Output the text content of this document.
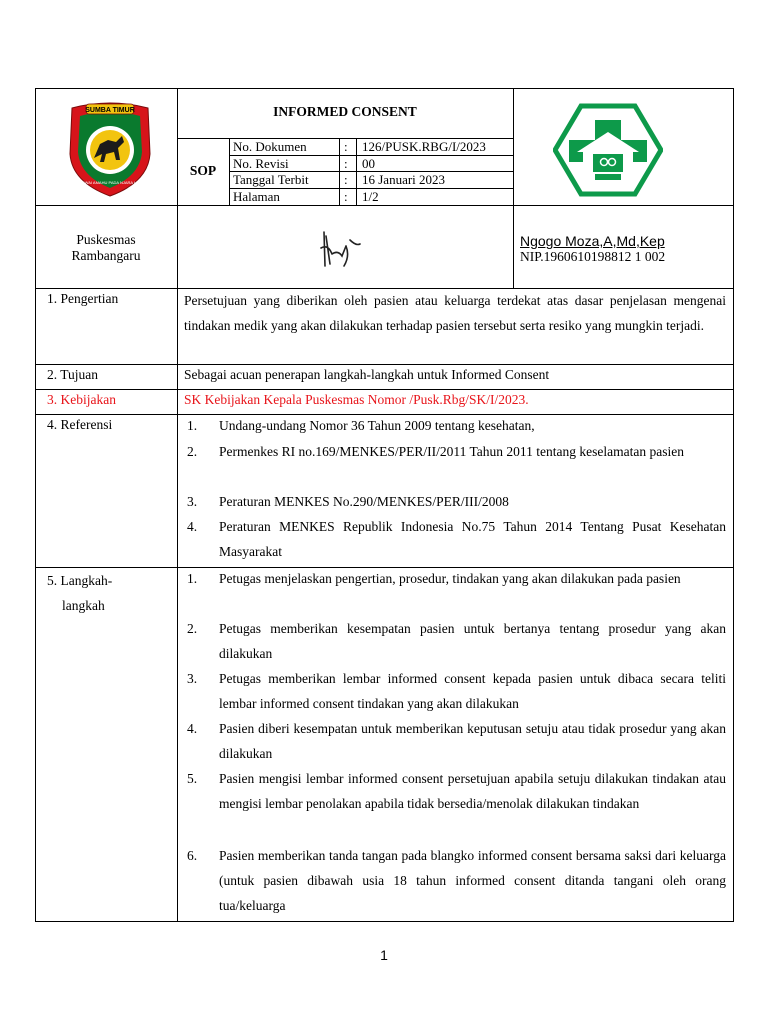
SUMBA TIMUR
MATAWAI AMAHU PADA NJARA HAMU
INFORMED CONSENT
SOP
No. Dokumen	: 126/PUSK.RBG/I/2023
No. Revisi	: 00
Tanggal Terbit	: 16 Januari 2023
Halaman	: 1/2
Puskesmas
Rambangaru
Ngogo Moza,A,Md,Kep
NIP.1960610198812 1 002
1. Pengertian	Persetujuan yang diberikan oleh pasien atau keluarga terdekat atas dasar penjelasan mengenai tindakan medik yang akan dilakukan terhadap pasien tersebut serta resiko yang mungkin terjadi.
2. Tujuan	Sebagai acuan penerapan langkah-langkah untuk Informed Consent
3. Kebijakan	SK Kebijakan Kepala Puskesmas Nomor /Pusk.Rbg/SK/I/2023.
4. Referensi	1.	Undang-undang Nomor 36 Tahun 2009 tentang kesehatan,
2.	Permenkes RI no.169/MENKES/PER/II/2011 Tahun 2011 tentang keselamatan pasien
3.	Peraturan MENKES No.290/MENKES/PER/III/2008
4.	Peraturan MENKES Republik Indonesia No.75 Tahun 2014 Tentang Pusat Kesehatan Masyarakat
5. Langkah-
langkah
1.	Petugas menjelaskan pengertian, prosedur, tindakan yang akan dilakukan pada pasien
2.	Petugas memberikan kesempatan pasien untuk bertanya tentang prosedur yang akan dilakukan
3.	Petugas memberikan lembar informed consent kepada pasien untuk dibaca secara teliti lembar informed consent tindakan yang akan dilakukan
4.	Pasien diberi kesempatan untuk memberikan keputusan setuju atau tidak prosedur yang akan dilakukan
5.	Pasien mengisi lembar informed consent persetujuan apabila setuju dilakukan tindakan atau mengisi lembar penolakan apabila tidak bersedia/menolak dilakukan tindakan
6.	Pasien memberikan tanda tangan pada blangko informed consent bersama saksi dari keluarga (untuk pasien dibawah usia 18 tahun informed consent ditanda tangani oleh orang tua/keluarga
1
